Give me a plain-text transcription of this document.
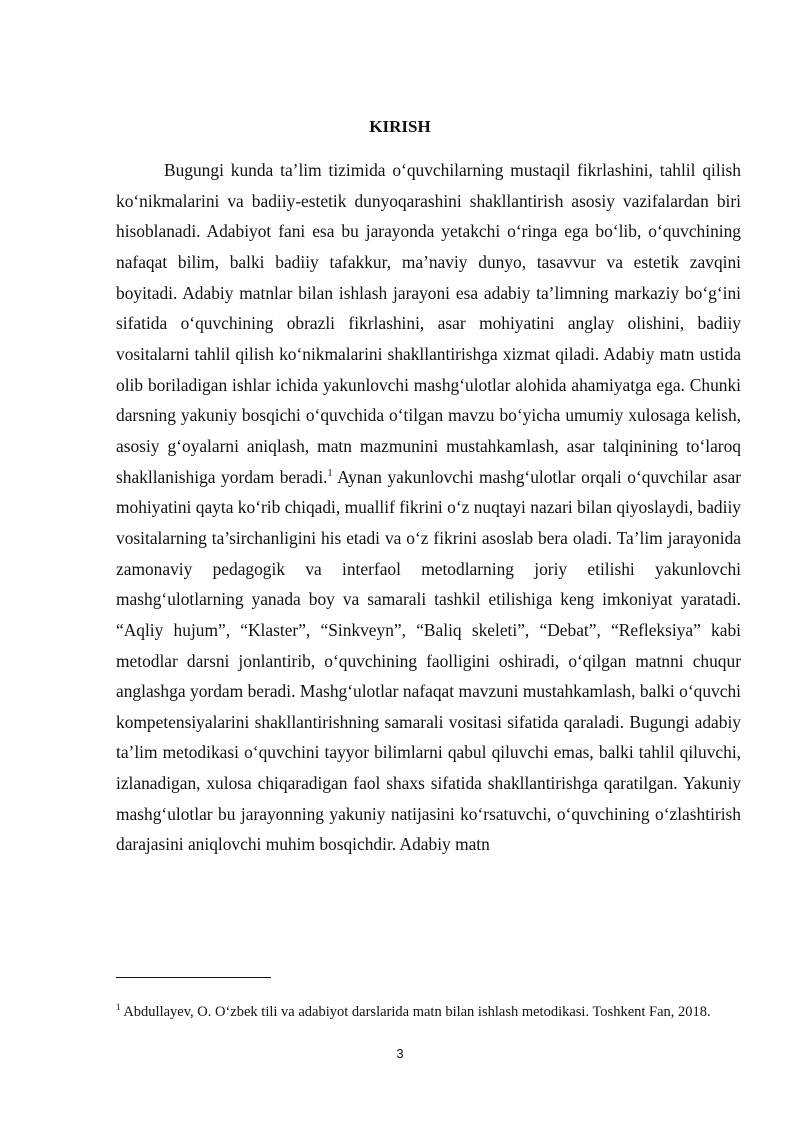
KIRISH

Bugungi kunda ta’lim tizimida o‘quvchilarning mustaqil fikrlashini, tahlil qilish ko‘nikmalarini va badiiy-estetik dunyoqarashini shakllantirish asosiy vazifalardan biri hisoblanadi. Adabiyot fani esa bu jarayonda yetakchi o‘ringa ega bo‘lib, o‘quvchining nafaqat bilim, balki badiiy tafakkur, ma’naviy dunyo, tasavvur va estetik zavqini boyitadi. Adabiy matnlar bilan ishlash jarayoni esa adabiy ta’limning markaziy bo‘g‘ini sifatida o‘quvchining obrazli fikrlashini, asar mohiyatini anglay olishini, badiiy vositalarni tahlil qilish ko‘nikmalarini shakllantirishga xizmat qiladi. Adabiy matn ustida olib boriladigan ishlar ichida yakunlovchi mashg‘ulotlar alohida ahamiyatga ega. Chunki darsning yakuniy bosqichi o‘quvchida o‘tilgan mavzu bo‘yicha umumiy xulosaga kelish, asosiy g‘oyalarni aniqlash, matn mazmunini mustahkamlash, asar talqinining to‘laroq shakllanishiga yordam beradi.$^1$ Aynan yakunlovchi mashg‘ulotlar orqali o‘quvchilar asar mohiyatini qayta ko‘rib chiqadi, muallif fikrini o‘z nuqtayi nazari bilan qiyoslaydi, badiiy vositalarning ta’sirchanligini his etadi va o‘z fikrini asoslab bera oladi. Ta’lim jarayonida zamonaviy pedagogik va interfaol metodlarning joriy etilishi yakunlovchi mashg‘ulotlarning yanada boy va samarali tashkil etilishiga keng imkoniyat yaratadi. “Aqliy hujum”, “Klaster”, “Sinkveyn”, “Baliq skeleti”, “Debat”, “Refleksiya” kabi metodlar darsni jonlantirib, o‘quvchining faolligini oshiradi, o‘qilgan matnni chuqur anglashga yordam beradi. Mashg‘ulotlar nafaqat mavzuni mustahkamlash, balki o‘quvchi kompetensiyalarini shakllantirishning samarali vositasi sifatida qaraladi. Bugungi adabiy ta’lim metodikasi o‘quvchini tayyor bilimlarni qabul qiluvchi emas, balki tahlil qiluvchi, izlanadigan, xulosa chiqaradigan faol shaxs sifatida shakllantirishga qaratilgan. Yakuniy mashg‘ulotlar bu jarayonning yakuniy natijasini ko‘rsatuvchi, o‘quvchining o‘zlashtirish darajasini aniqlovchi muhim bosqichdir. Adabiy matn

$^1$ Abdullayev, O. O‘zbek tili va adabiyot darslarida matn bilan ishlash metodikasi. Toshkent Fan, 2018.

3
